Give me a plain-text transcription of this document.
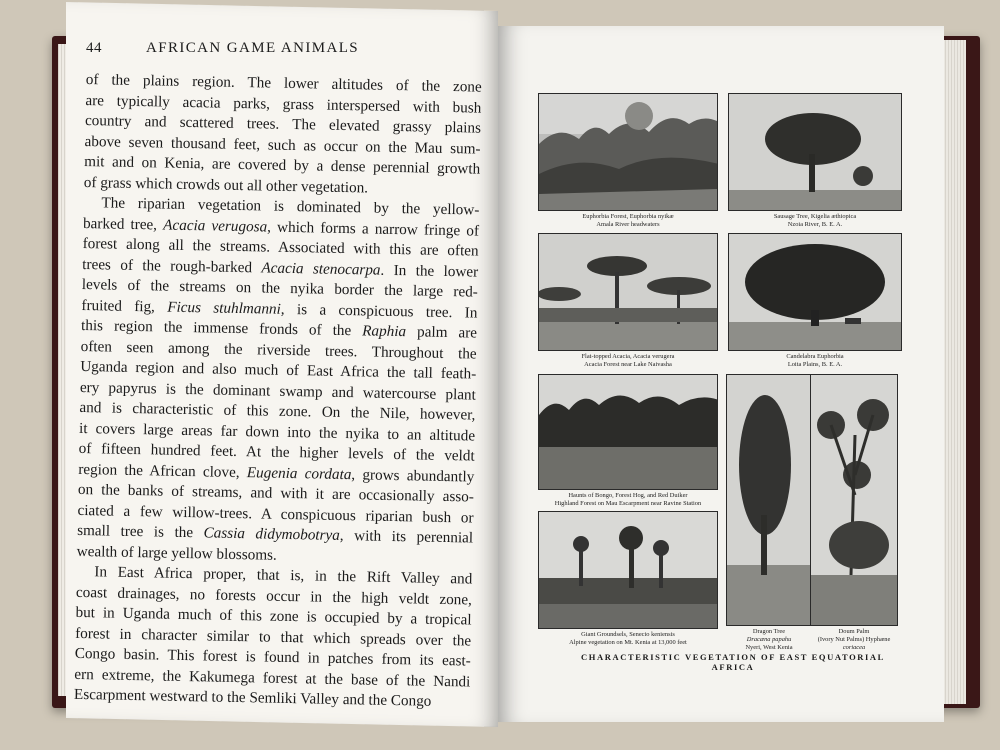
44	AFRICAN GAME ANIMALS
of the plains region. The lower altitudes of the zone
are typically acacia parks, grass interspersed with bush
country and scattered trees. The elevated grassy plains
above seven thousand feet, such as occur on the Mau sum-
mit and on Kenia, are covered by a dense perennial growth
of grass which crowds out all other vegetation.
The riparian vegetation is dominated by the yellow-
barked tree, Acacia verugosa, which forms a narrow fringe of
forest along all the streams. Associated with this are often
trees of the rough-barked Acacia stenocarpa. In the lower
levels of the streams on the nyika border the large red-
fruited fig, Ficus stuhlmanni, is a conspicuous tree. In
this region the immense fronds of the Raphia palm are
often seen among the riverside trees. Throughout the
Uganda region and also much of East Africa the tall feath-
ery papyrus is the dominant swamp and watercourse plant
and is characteristic of this zone. On the Nile, however,
it covers large areas far down into the nyika to an altitude
of fifteen hundred feet. At the higher levels of the veldt
region the African clove, Eugenia cordata, grows abundantly
on the banks of streams, and with it are occasionally asso-
ciated a few willow-trees. A conspicuous riparian bush or
small tree is the Cassia didymobotrya, with its perennial
wealth of large yellow blossoms.
In East Africa proper, that is, in the Rift Valley and
coast drainages, no forests occur in the high veldt zone,
but in Uganda much of this zone is occupied by a tropical
forest in character similar to that which spreads over the
Congo basin. This forest is found in patches from its east-
ern extreme, the Kakumega forest at the base of the Nandi
Escarpment westward to the Semliki Valley and the Congo
Euphorbia Forest, Euphorbia nyikæ
Amala River headwaters
Sausage Tree, Kigelia æthiopica
Nzoia River, B. E. A.
Flat-topped Acacia, Acacia verugera
Acacia Forest near Lake Naivasha
Candelabra Euphorbia
Loita Plains, B. E. A.
Haunts of Bongo, Forest Hog, and Red Duiker
Highland Forest on Mau Escarpment near Ravine Station
Giant Groundsels, Senecio keniensis
Alpine vegetation on Mt. Kenia at 13,000 feet
Dragon Tree
Dracæna papahu
Nyeri, West Kenia
Doum Palm
(Ivory Nut Palms) Hyphæne
coriacea
CHARACTERISTIC VEGETATION OF EAST EQUATORIAL AFRICA
